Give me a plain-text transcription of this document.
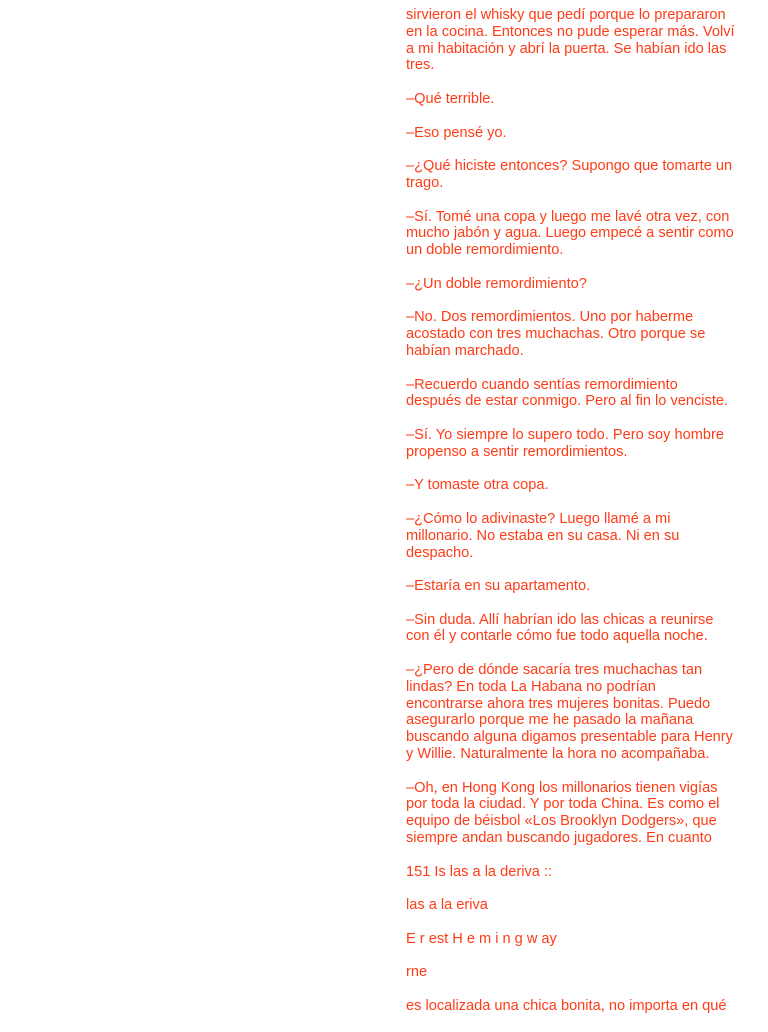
sirvieron el whisky que pedí porque lo prepararon
en la cocina. Entonces no pude esperar más. Volví
a mi habitación y abrí la puerta. Se habían ido las
tres.

–Qué terrible.

–Eso pensé yo.

–¿Qué hiciste entonces? Supongo que tomarte un
trago.

–Sí. Tomé una copa y luego me lavé otra vez, con
mucho jabón y agua. Luego empecé a sentir como
un doble remordimiento.

–¿Un doble remordimiento?

–No. Dos remordimientos. Uno por haberme
acostado con tres muchachas. Otro porque se
habían marchado.

–Recuerdo cuando sentías remordimiento
después de estar conmigo. Pero al fin lo venciste.

–Sí. Yo siempre lo supero todo. Pero soy hombre
propenso a sentir remordimientos.

–Y tomaste otra copa.

–¿Cómo lo adivinaste? Luego llamé a mi
millonario. No estaba en su casa. Ni en su
despacho.

–Estaría en su apartamento.

–Sin duda. Allí habrían ido las chicas a reunirse
con él y contarle cómo fue todo aquella noche.

–¿Pero de dónde sacaría tres muchachas tan
lindas? En toda La Habana no podrían
encontrarse ahora tres mujeres bonitas. Puedo
asegurarlo porque me he pasado la mañana
buscando alguna digamos presentable para Henry
y Willie. Naturalmente la hora no acompañaba.

–Oh, en Hong Kong los millonarios tienen vigías
por toda la ciudad. Y por toda China. Es como el
equipo de béisbol «Los Brooklyn Dodgers», que
siempre andan buscando jugadores. En cuanto

151 Is las a la deriva ::

las a la eriva

E r est H e m i n g w ay

rne

es localizada una chica bonita, no importa en qué
